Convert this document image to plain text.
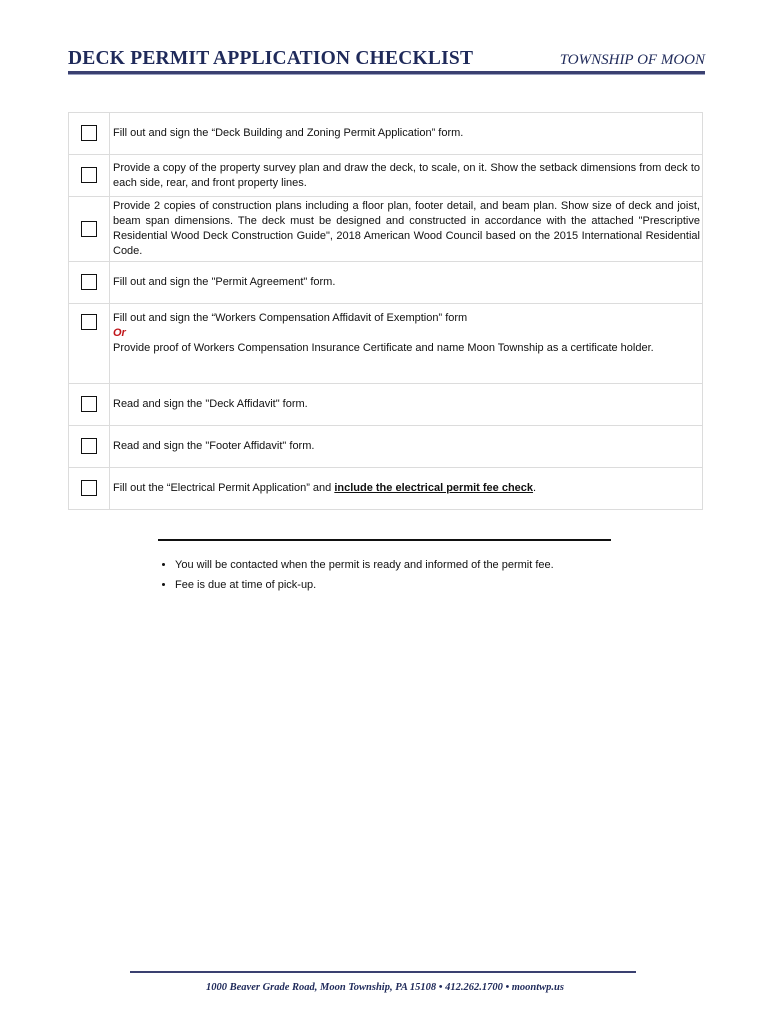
DECK PERMIT APPLICATION CHECKLIST	TOWNSHIP OF MOON
	Fill out and sign the “Deck Building and Zoning Permit Application” form.
	Provide a copy of the property survey plan and draw the deck, to scale, on it. Show the setback dimensions from deck to each side, rear, and front property lines.
	Provide 2 copies of construction plans including a floor plan, footer detail, and beam plan. Show size of deck and joist, beam span dimensions. The deck must be designed and constructed in accordance with the attached "Prescriptive Residential Wood Deck Construction Guide", 2018 American Wood Council based on the 2015 International Residential Code.
	Fill out and sign the "Permit Agreement" form.
	Fill out and sign the “Workers Compensation Affidavit of Exemption” form
Or
Provide proof of Workers Compensation Insurance Certificate and name Moon Township as a certificate holder.
	Read and sign the "Deck Affidavit" form.
	Read and sign the "Footer Affidavit" form.
	Fill out the “Electrical Permit Application” and include the electrical permit fee check.
• You will be contacted when the permit is ready and informed of the permit fee.
• Fee is due at time of pick-up.
1000 Beaver Grade Road, Moon Township, PA 15108 • 412.262.1700 • moontwp.us
